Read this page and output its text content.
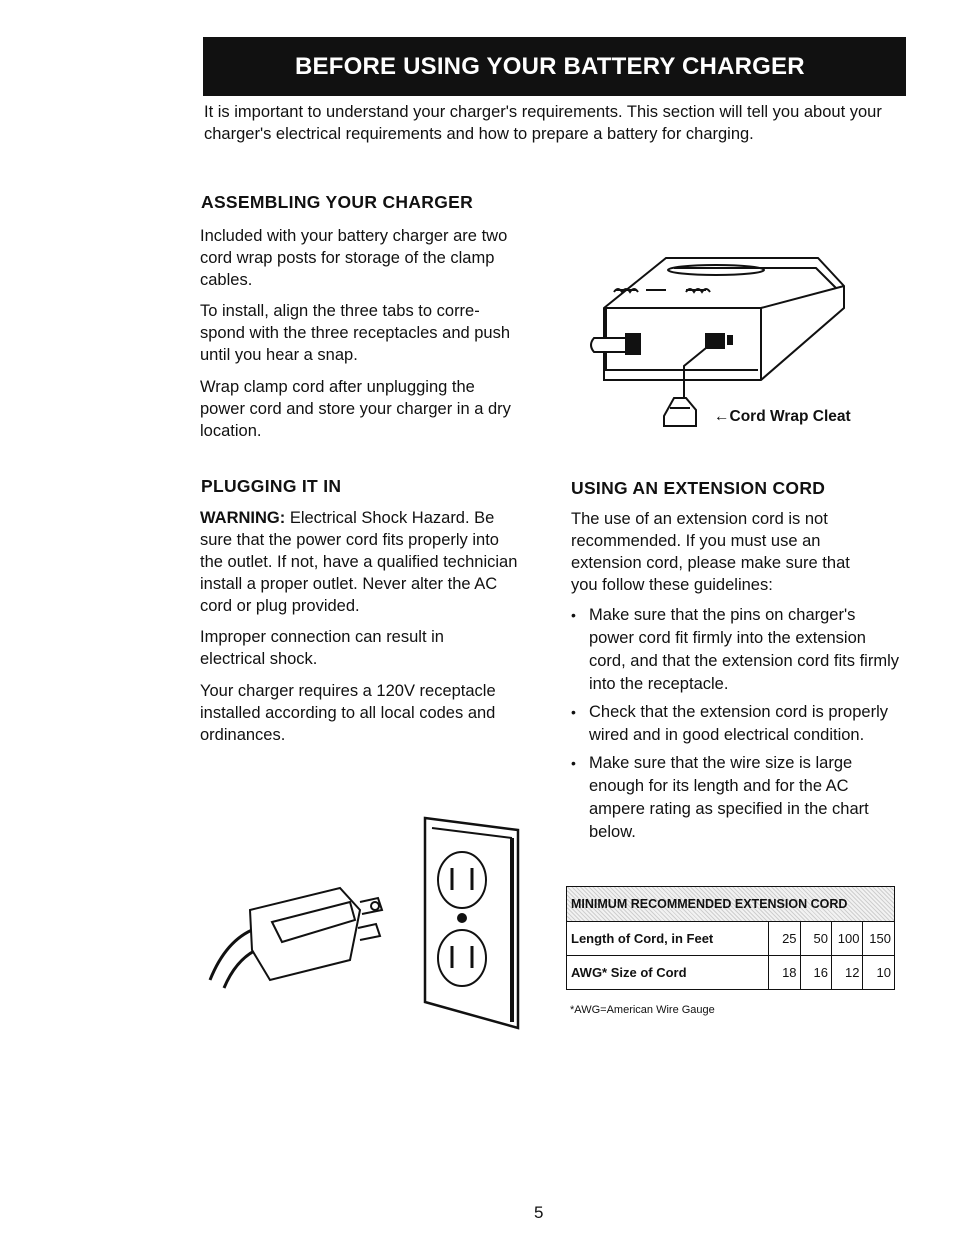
BEFORE USING YOUR BATTERY CHARGER

It is important to understand your charger's requirements. This section will tell you about your charger's electrical requirements and how to prepare a battery for charging.

ASSEMBLING YOUR CHARGER

Included with your battery charger are two cord wrap posts for storage of the clamp cables.

To install, align the three tabs to corre-spond with the three receptacles and push until you hear a snap.

Wrap clamp cord after unplugging the power cord and store your charger in a dry location.

←Cord Wrap Cleat
PLUGGING IT IN

WARNING: Electrical Shock Hazard. Be sure that the power cord fits properly into the outlet. If not, have a qualified technician install a proper outlet. Never alter the AC cord or plug provided.

Improper connection can result in electrical shock.

Your charger requires a 120V receptacle installed according to all local codes and ordinances.

USING AN EXTENSION CORD

The use of an extension cord is not recommended. If you must use an extension cord, please make sure that you follow these guidelines:

• Make sure that the pins on charger's power cord fit firmly into the extension cord, and that the extension cord fits firmly into the receptacle.
• Check that the extension cord is properly wired and in good electrical condition.
• Make sure that the wire size is large enough for its length and for the AC ampere rating as specified in the chart below.
MINIMUM RECOMMENDED EXTENSION CORD				
Length of Cord, in Feet	25	50	100	150
AWG* Size of Cord	18	16	12	10
*AWG=American Wire Gauge
5
